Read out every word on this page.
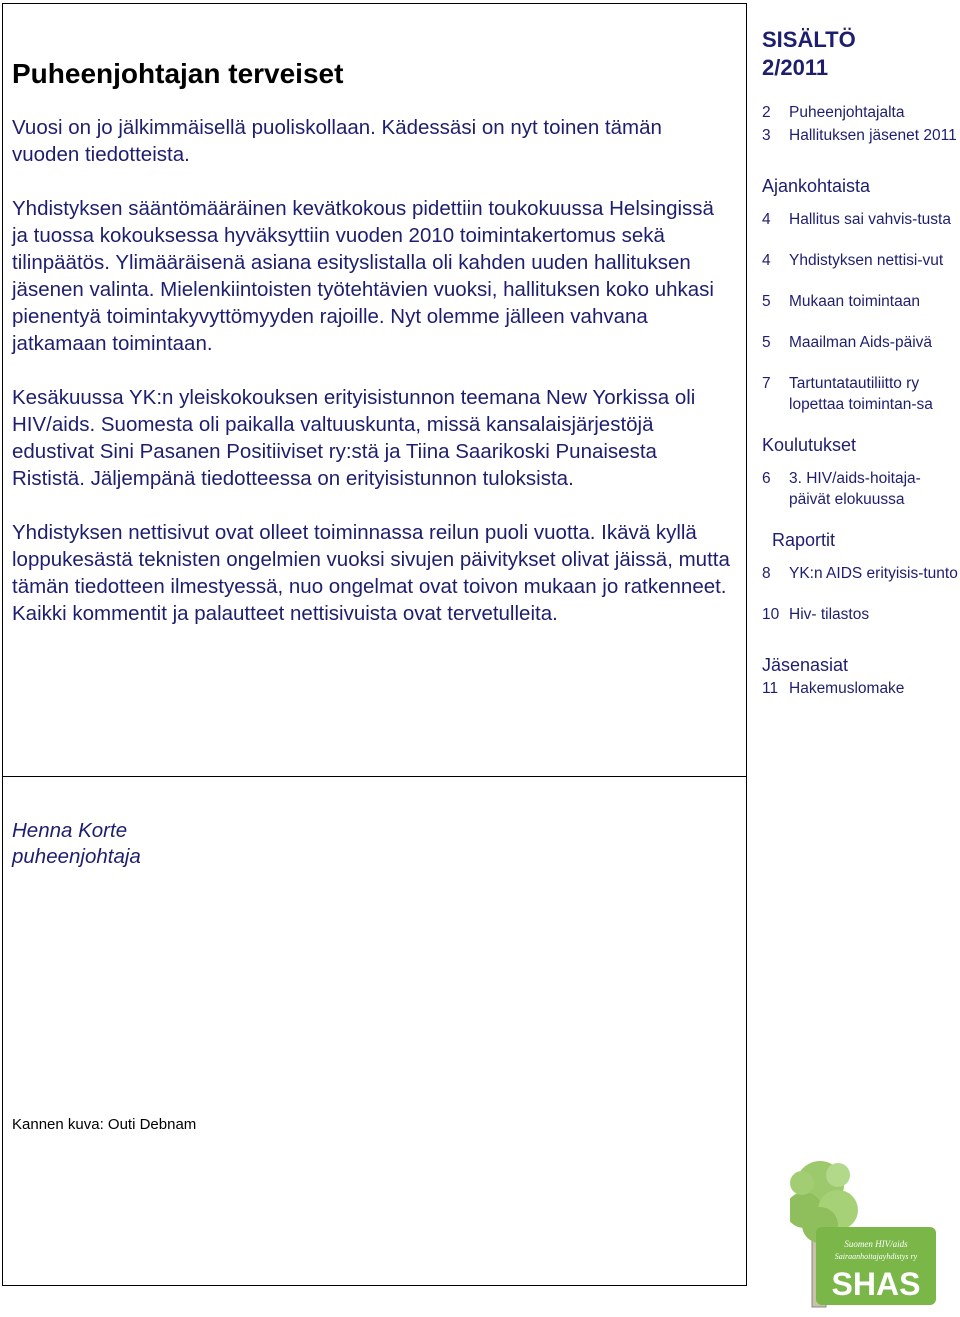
Puheenjohtajan terveiset

Vuosi on jo jälkimmäisellä puoliskollaan. Kädessäsi on nyt toinen tämän vuoden tiedotteista.

Yhdistyksen sääntömääräinen kevätkokous pidettiin toukokuussa Helsingissä ja tuossa kokouksessa hyväksyttiin vuoden 2010 toimintakertomus sekä tilinpäätös. Ylimääräisenä asiana esityslistalla oli kahden uuden hallituksen jäsenen valinta. Mielenkiintoisten työtehtävien vuoksi, hallituksen koko uhkasi pienentyä toimintakyvyttömyyden rajoille. Nyt olemme jälleen vahvana jatkamaan toimintaan.

Kesäkuussa YK:n yleiskokouksen erityisistunnon teemana New Yorkissa oli HIV/aids. Suomesta oli paikalla valtuuskunta, missä kansalaisjärjestöjä edustivat Sini Pasanen Positiiviset ry:stä ja Tiina Saarikoski Punaisesta Rististä. Jäljempänä tiedotteessa on erityisistunnon tuloksista.

Yhdistyksen nettisivut ovat olleet toiminnassa reilun puoli vuotta. Ikävä kyllä loppukesästä teknisten ongelmien vuoksi sivujen päivitykset olivat jäissä, mutta tämän tiedotteen ilmestyessä, nuo ongelmat ovat toivon mukaan jo ratkenneet. Kaikki kommentit ja palautteet nettisivuista ovat tervetulleita.

Henna Korte
puheenjohtaja
Kannen kuva: Outi Debnam
SISÄLTÖ
2/2011
2	Puheenjohtajalta
3	Hallituksen jäsenet 2011
Ajankohtaista
4	Hallitus sai vahvis-tusta
4	Yhdistyksen nettisi-vut
5	Mukaan toimintaan
5	Maailman Aids-päivä
7	Tartuntatautiliitto ry lopettaa toimintan-sa
Koulutukset
6	3. HIV/aids-hoitaja-päivät elokuussa
Raportit
8	YK:n AIDS erityisis-tunto
10 Hiv- tilastos
Jäsenasiat
11 Hakemuslomake
Suomen HIV/aids
Sairaanhoitajayhdistys ry
SHAS
